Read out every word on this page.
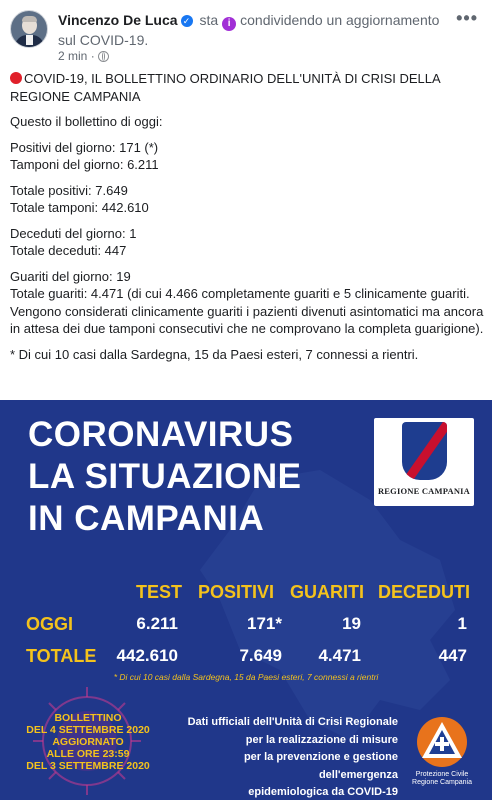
Vincenzo De Luca ✓ sta i condividendo un aggiornamento sul COVID-19.
2 min ·
•••

COVID-19, IL BOLLETTINO ORDINARIO DELL'UNITÀ DI CRISI DELLA REGIONE CAMPANIA

Questo il bollettino di oggi:

Positivi del giorno: 171 (*)
Tamponi del giorno: 6.211

Totale positivi: 7.649
Totale tamponi: 442.610

Deceduti del giorno: 1
Totale deceduti: 447

Guariti del giorno: 19
Totale guariti: 4.471 (di cui 4.466 completamente guariti e 5 clinicamente guariti. Vengono considerati clinicamente guariti i pazienti divenuti asintomatici ma ancora in attesa dei due tamponi consecutivi che ne comprovano la completa guarigione).

* Di cui 10 casi dalla Sardegna, 15 da Paesi esteri, 7 connessi a rientri.

CORONAVIRUS
LA SITUAZIONE
IN CAMPANIA
REGIONE CAMPANIA
TEST POSITIVI GUARITI DECEDUTI
OGGI	6.211	171*	19	1
TOTALE 442.610	7.649 4.471	447
* Di cui 10 casi dalla Sardegna, 15 da Paesi esteri, 7 connessi a rientri
BOLLETTINO
DEL 4 SETTEMBRE 2020
AGGIORNATO
ALLE ORE 23:59
DEL 3 SETTEMBRE 2020
Dati ufficiali dell'Unità di Crisi Regionale
per la realizzazione di misure
per la prevenzione e gestione dell'emergenza
epidemiologica da COVID-19
Protezione Civile
Regione Campania
